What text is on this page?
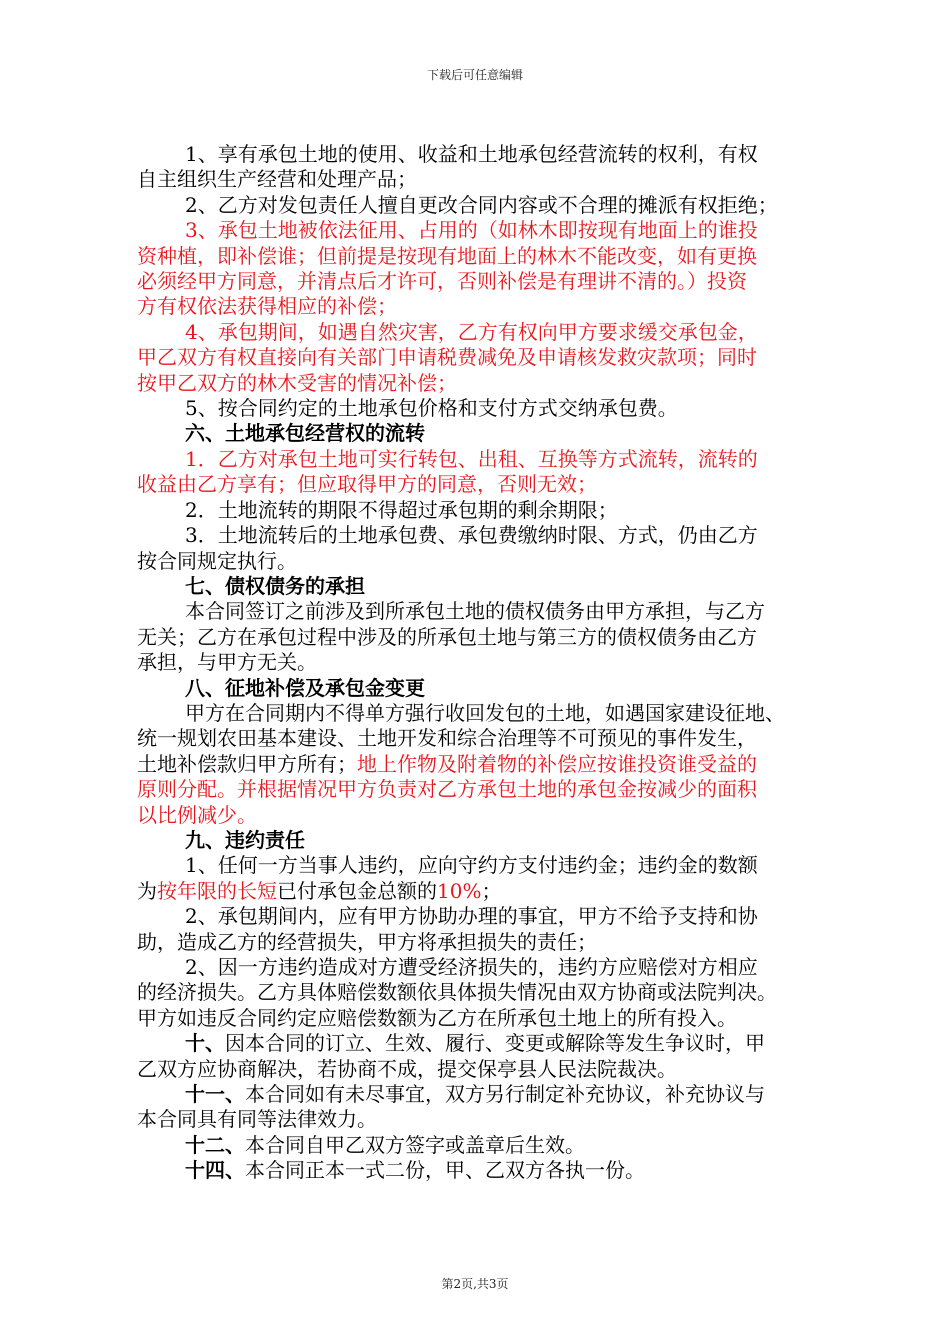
下载后可任意编辑

1、享有承包土地的使用、收益和土地承包经营流转的权利，有权

自主组织生产经营和处理产品；

2、乙方对发包责任人擅自更改合同内容或不合理的摊派有权拒绝；

3、承包土地被依法征用、占用的（如林木即按现有地面上的谁投

资种植，即补偿谁；但前提是按现有地面上的林木不能改变，如有更换

必须经甲方同意，并清点后才许可，否则补偿是有理讲不清的。）投资

方有权依法获得相应的补偿；

4、承包期间，如遇自然灾害，乙方有权向甲方要求缓交承包金，

甲乙双方有权直接向有关部门申请税费减免及申请核发救灾款项；同时

按甲乙双方的林木受害的情况补偿；

5、按合同约定的土地承包价格和支付方式交纳承包费。

六、土地承包经营权的流转

1．乙方对承包土地可实行转包、出租、互换等方式流转，流转的

收益由乙方享有；但应取得甲方的同意，否则无效；

2．土地流转的期限不得超过承包期的剩余期限；

3．土地流转后的土地承包费、承包费缴纳时限、方式，仍由乙方

按合同规定执行。

七、债权债务的承担

本合同签订之前涉及到所承包土地的债权债务由甲方承担，与乙方

无关；乙方在承包过程中涉及的所承包土地与第三方的债权债务由乙方

承担，与甲方无关。

八、征地补偿及承包金变更

甲方在合同期内不得单方强行收回发包的土地，如遇国家建设征地、

统一规划农田基本建设、土地开发和综合治理等不可预见的事件发生，

土地补偿款归甲方所有；地上作物及附着物的补偿应按谁投资谁受益的

原则分配。并根据情况甲方负责对乙方承包土地的承包金按减少的面积

以比例减少。

九、违约责任

1、任何一方当事人违约，应向守约方支付违约金；违约金的数额

为按年限的长短已付承包金总额的10%；

2、承包期间内，应有甲方协助办理的事宜，甲方不给予支持和协

助，造成乙方的经营损失，甲方将承担损失的责任；

2、因一方违约造成对方遭受经济损失的，违约方应赔偿对方相应

的经济损失。乙方具体赔偿数额依具体损失情况由双方协商或法院判决。

甲方如违反合同约定应赔偿数额为乙方在所承包土地上的所有投入。

十、因本合同的订立、生效、履行、变更或解除等发生争议时，甲

乙双方应协商解决，若协商不成，提交保亭县人民法院裁决。

十一、本合同如有未尽事宜，双方另行制定补充协议，补充协议与

本合同具有同等法律效力。

十二、本合同自甲乙双方签字或盖章后生效。

十四、本合同正本一式二份，甲、乙双方各执一份。

第2页,共3页
